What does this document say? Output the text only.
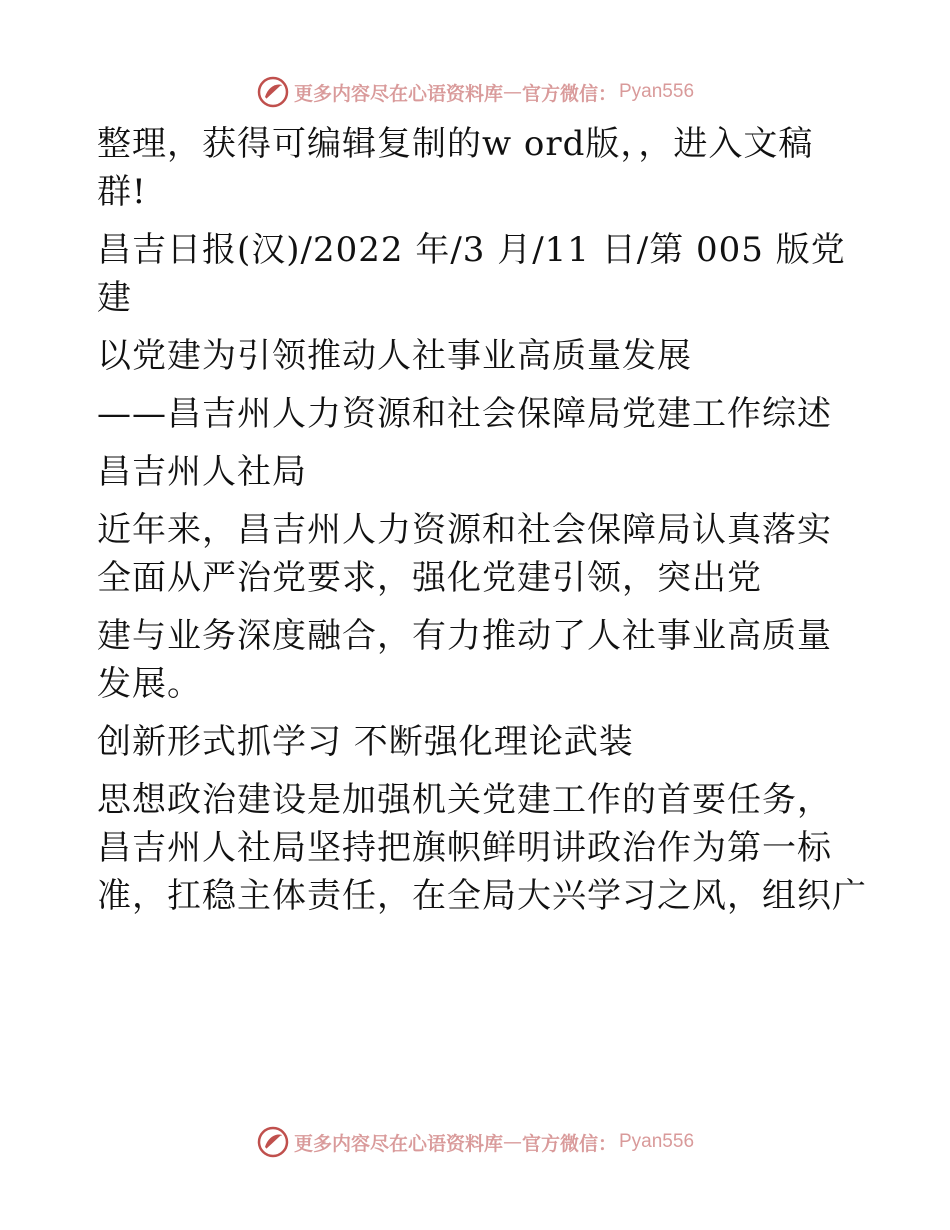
更多内容尽在心语资料库 — 官方微信： Pyan556
整理，获得可编辑复制的w ord版，，进入文稿
群!
昌吉日报(汉)/2022 年/3 月/11 日/第 005 版党
建
以党建为引领推动人社事业高质量发展
——昌吉州人力资源和社会保障局党建工作综述
昌吉州人社局
近年来，昌吉州人力资源和社会保障局认真落实
全面从严治党要求，强化党建引领，突出党
建与业务深度融合，有力推动了人社事业高质量
发展。
创新形式抓学习 不断强化理论武装
思想政治建设是加强机关党建工作的首要任务，
昌吉州人社局坚持把旗帜鲜明讲政治作为第一标
准，扛稳主体责任，在全局大兴学习之风，组织广
更多内容尽在心语资料库 — 官方微信： Pyan556
